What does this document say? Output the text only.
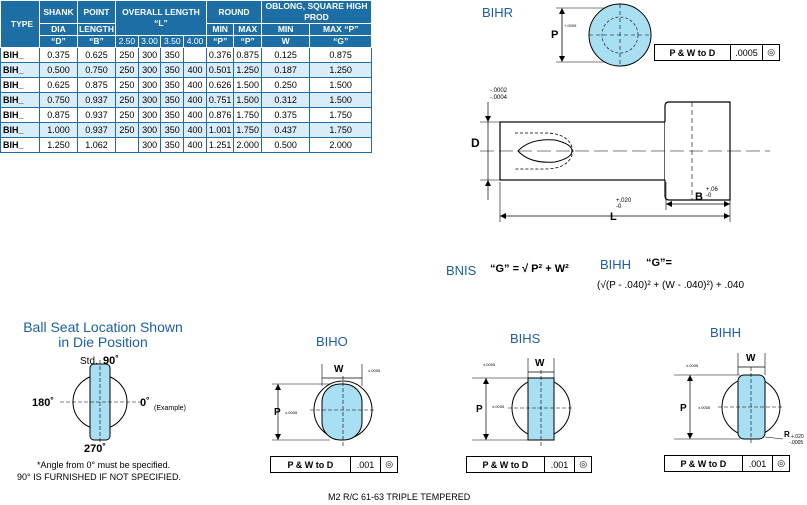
TYPE	SHANK	POINT	OVERALL LENGTH “L”				ROUND		OBLONG, SQUARE HIGH PROD	
	DIA	LENGTH					MIN	MAX	MIN	MAX “P”
	“D”	“B”	2.50	3.00	3.50	4.00	“P”	“P”	W	“G”
BIH_	0.375	0.625	250	300	350		0.376	0.875	0.125	0.875
BIH_	0.500	0.750	250	300	350	400	0.501	1.250	0.187	1.250
BIH_	0.625	0.875	250	300	350	400	0.626	1.500	0.250	1.500
BIH_	0.750	0.937	250	300	350	400	0.751	1.500	0.312	1.500
BIH_	0.875	0.937	250	300	350	400	0.876	1.750	0.375	1.750
BIH_	1.000	0.937	250	300	350	400	1.001	1.750	0.437	1.750
BIH_	1.250	1.062		300	350	400	1.251	2.000	0.500	2.000
BIHR
P
+.0005
P & W to D	.0005	◎
D
-.0002
-.0004
B
+.06
-0
L
+.020
-0
BNIS “G” = √ P² + W² BIHH “G”=
(√(P - .040)² + (W - .040)²) + .040
Ball Seat Location Shown
in Die Position
Std. 90˚
180˚	0˚ (Example)
270˚
*Angle from 0° must be specified.
90° IS FURNISHED IF NOT SPECIFIED.
BIHO
W	±.0005
P ±.0005
P & W to D	.001	◎
BIHS
W
±.0005
P ±.0005
P & W to D	.001	◎
BIHH
W
±.0005
P	±.0005
R +.020
-.0005
P & W to D	.001	◎
M2 R/C 61-63 TRIPLE TEMPERED
